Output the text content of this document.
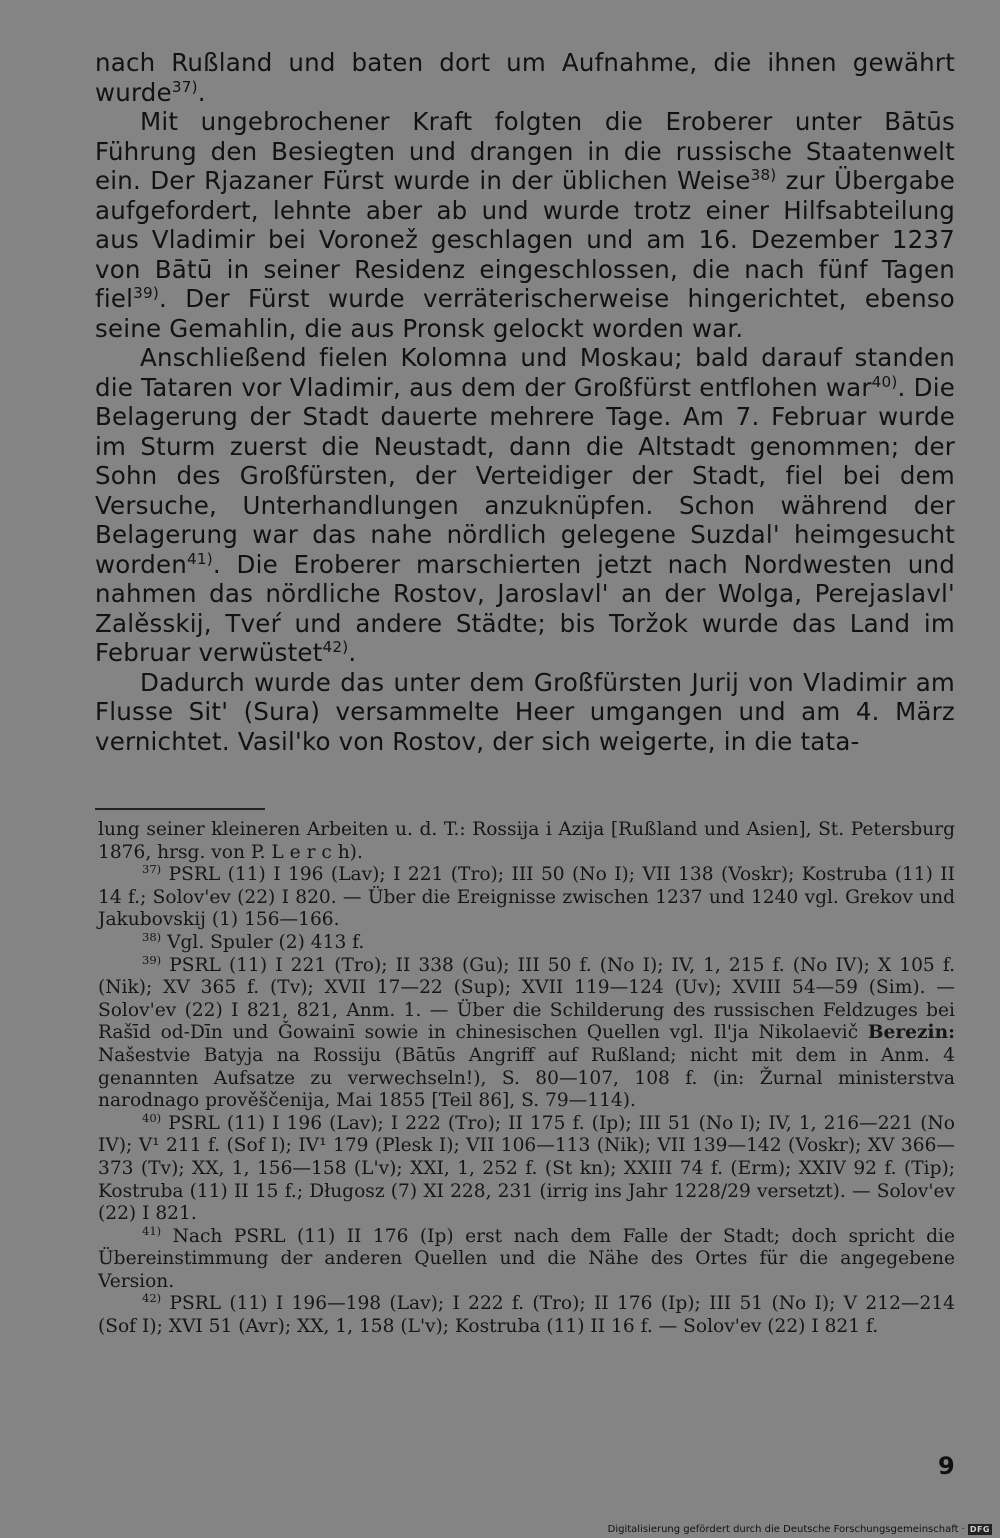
nach Rußland und baten dort um Aufnahme, die ihnen gewährt wurde$^{37)}$.

Mit ungebrochener Kraft folgten die Eroberer unter Bātūs Führung den Besiegten und drangen in die russische Staatenwelt ein. Der Rjazaner Fürst wurde in der üblichen Weise$^{38)}$ zur Übergabe aufgefordert, lehnte aber ab und wurde trotz einer Hilfsabteilung aus Vladimir bei Voronež geschlagen und am 16. Dezember 1237 von Bātū in seiner Residenz eingeschlossen, die nach fünf Tagen fiel$^{39)}$. Der Fürst wurde verräterischerweise hingerichtet, ebenso seine Gemahlin, die aus Pronsk gelockt worden war.

Anschließend fielen Kolomna und Moskau; bald darauf standen die Tataren vor Vladimir, aus dem der Großfürst entflohen war$^{40)}$. Die Belagerung der Stadt dauerte mehrere Tage. Am 7. Februar wurde im Sturm zuerst die Neustadt, dann die Altstadt genommen; der Sohn des Großfürsten, der Verteidiger der Stadt, fiel bei dem Versuche, Unterhandlungen anzuknüpfen. Schon während der Belagerung war das nahe nördlich gelegene Suzdal' heimgesucht worden$^{41)}$. Die Eroberer marschierten jetzt nach Nordwesten und nahmen das nördliche Rostov, Jaroslavl' an der Wolga, Perejaslavl' Zalěsskij, Tveŕ und andere Städte; bis Toržok wurde das Land im Februar verwüstet$^{42)}$.

Dadurch wurde das unter dem Großfürsten Jurij von Vladimir am Flusse Sit' (Sura) versammelte Heer umgangen und am 4. März vernichtet. Vasil'ko von Rostov, der sich weigerte, in die tata-

lung seiner kleineren Arbeiten u. d. T.: Rossija i Azija [Rußland und Asien], St. Petersburg 1876, hrsg. von P. L e r c h).

$^{37)}$ PSRL (11) I 196 (Lav); I 221 (Tro); III 50 (No I); VII 138 (Voskr); Kostruba (11) II 14 f.; Solov'ev (22) I 820. — Über die Ereignisse zwischen 1237 und 1240 vgl. Grekov und Jakubovskij (1) 156—166.

$^{38)}$ Vgl. Spuler (2) 413 f.

$^{39)}$ PSRL (11) I 221 (Tro); II 338 (Gu); III 50 f. (No I); IV, 1, 215 f. (No IV); X 105 f. (Nik); XV 365 f. (Tv); XVII 17—22 (Sup); XVII 119—124 (Uv); XVIII 54—59 (Sim). — Solov'ev (22) I 821, 821, Anm. 1. — Über die Schilderung des russischen Feldzuges bei Rašīd od-Dīn und Ǧowainī sowie in chinesischen Quellen vgl. Il'ja Nikolaevič Berezin: Našestvie Batyja na Rossiju (Bātūs Angriff auf Rußland; nicht mit dem in Anm. 4 genannten Aufsatze zu verwechseln!), S. 80—107, 108 f. (in: Žurnal ministerstva narodnago prověščenija, Mai 1855 [Teil 86], S. 79—114).

$^{40)}$ PSRL (11) I 196 (Lav); I 222 (Tro); II 175 f. (Ip); III 51 (No I); IV, 1, 216—221 (No IV); V¹ 211 f. (Sof I); IV¹ 179 (Plesk I); VII 106—113 (Nik); VII 139—142 (Voskr); XV 366—373 (Tv); XX, 1, 156—158 (L'v); XXI, 1, 252 f. (St kn); XXIII 74 f. (Erm); XXIV 92 f. (Tip); Kostruba (11) II 15 f.; Długosz (7) XI 228, 231 (irrig ins Jahr 1228/29 versetzt). — Solov'ev (22) I 821.

$^{41)}$ Nach PSRL (11) II 176 (Ip) erst nach dem Falle der Stadt; doch spricht die Übereinstimmung der anderen Quellen und die Nähe des Ortes für die angegebene Version.

$^{42)}$ PSRL (11) I 196—198 (Lav); I 222 f. (Tro); II 176 (Ip); III 51 (No I); V 212—214 (Sof I); XVI 51 (Avr); XX, 1, 158 (L'v); Kostruba (11) II 16 f. — Solov'ev (22) I 821 f.

9
Digitalisierung gefördert durch die Deutsche Forschungsgemeinschaft · DFG
